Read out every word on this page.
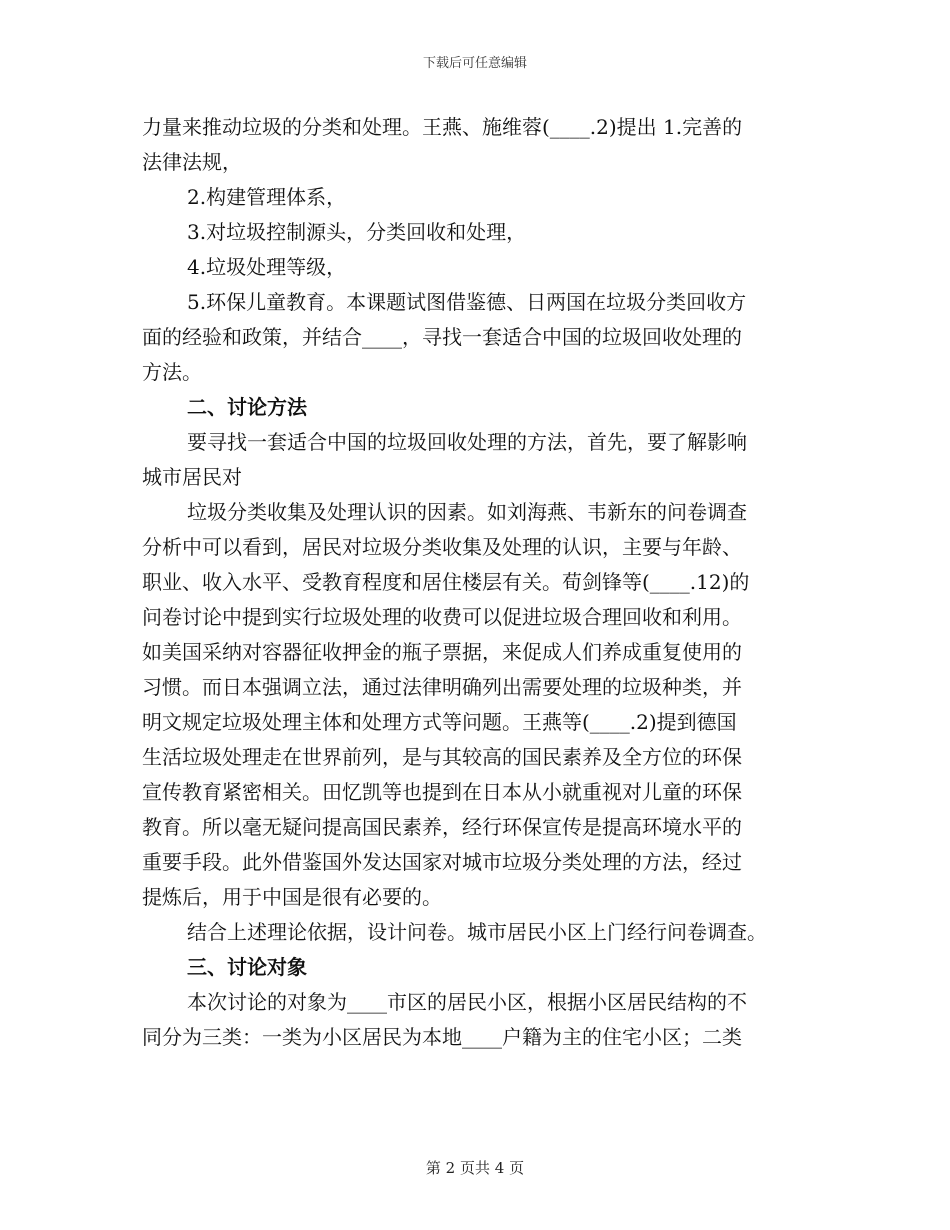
下载后可任意编辑
力量来推动垃圾的分类和处理。王燕、施维蓉(____.2)提出 1.完善的
法律法规，
2.构建管理体系，
3.对垃圾控制源头，分类回收和处理，
4.垃圾处理等级，
5.环保儿童教育。本课题试图借鉴德、日两国在垃圾分类回收方
面的经验和政策，并结合____，寻找一套适合中国的垃圾回收处理的
方法。
二、讨论方法
要寻找一套适合中国的垃圾回收处理的方法，首先，要了解影响
城市居民对
垃圾分类收集及处理认识的因素。如刘海燕、韦新东的问卷调查
分析中可以看到，居民对垃圾分类收集及处理的认识，主要与年龄、
职业、收入水平、受教育程度和居住楼层有关。荀剑锋等(____.12)的
问卷讨论中提到实行垃圾处理的收费可以促进垃圾合理回收和利用。
如美国采纳对容器征收押金的瓶子票据，来促成人们养成重复使用的
习惯。而日本强调立法，通过法律明确列出需要处理的垃圾种类，并
明文规定垃圾处理主体和处理方式等问题。王燕等(____.2)提到德国
生活垃圾处理走在世界前列，是与其较高的国民素养及全方位的环保
宣传教育紧密相关。田忆凯等也提到在日本从小就重视对儿童的环保
教育。所以毫无疑问提高国民素养，经行环保宣传是提高环境水平的
重要手段。此外借鉴国外发达国家对城市垃圾分类处理的方法，经过
提炼后，用于中国是很有必要的。
结合上述理论依据，设计问卷。城市居民小区上门经行问卷调查。
三、讨论对象
本次讨论的对象为____市区的居民小区，根据小区居民结构的不
同分为三类：一类为小区居民为本地____户籍为主的住宅小区；二类
第 2 页共 4 页
